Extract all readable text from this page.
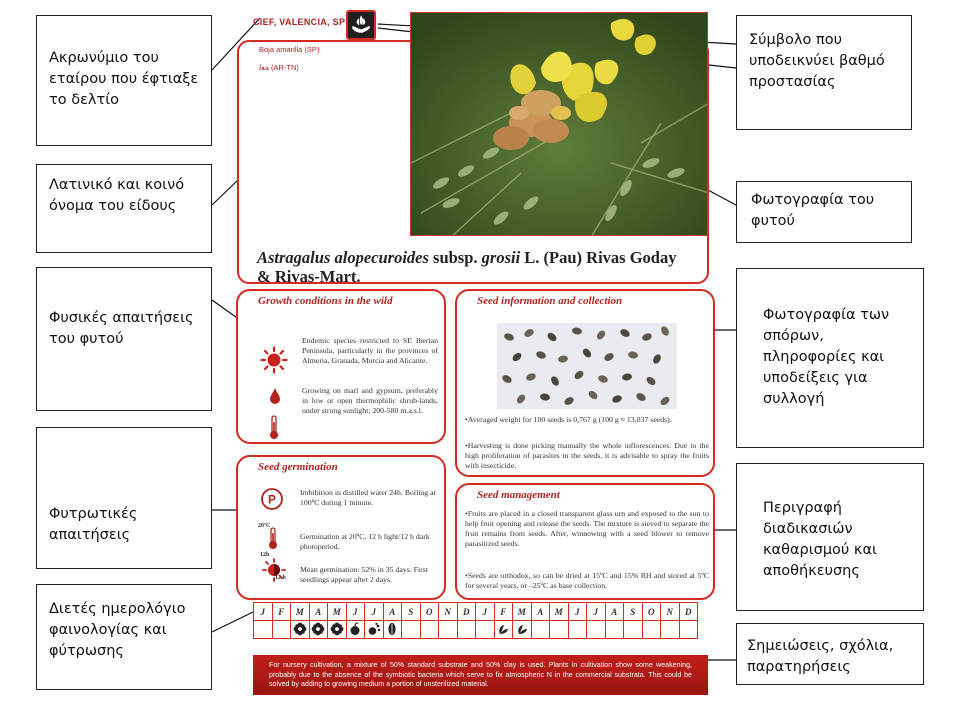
Ακρωνύμιο του εταίρου που έφτιαξε το δελτίο
Λατινικό και κοινό όνομα του είδους
Φυσικές απαιτήσεις του φυτού
Φυτρωτικές απαιτήσεις
Διετές ημερολόγιο φαινολογίας και φύτρωσης
Σύμβολο που υποδεικνύει βαθμό προστασίας
Φωτογραφία του φυτού
Φωτογραφία των σπόρων, πληροφορίες και υποδείξεις για συλλογή
Περιγραφή διαδικασιών καθαρισμού και αποθήκευσης
Σημειώσεις, σχόλια, παρατηρήσεις
CIEF, VALENCIA, SP
Boja amarilla (SP)
ﺔﻐﻟ (AR-TN)
Astragalus alopecuroides subsp. grosii L. (Pau) Rivas Goday & Rivas-Mart.
Growth conditions in the wild
Endemic species restricted to SE Iberian Peninsula, particularly in the provinces of Almeria, Granada, Murcia and Alicante.
Growing on marl and gypsum, preferably in low or open thermophilic shrub-lands, under strong sunlight; 200-580 m.a.s.l.
Seed information and collection
•Averaged weight for 100 seeds is 0,767 g (100 g ≈ 13,037 seeds).
•Harvesting is done picking manually the whole inflorescences. Due to the high proliferation of parasites in the seeds, it is advisable to spray the fruits with insecticide.
Seed germination
P
20ºC
12h
12 h
Imbibition in distilled water 24h. Boiling at 100ºC during 1 minute.
Germination at 20ºC, 12 h light/12 h dark photoperiod.
Mean germination: 52% in 35 days. First seedlings appear after 2 days.
Seed management
•Fruits are placed in a closed transparent glass urn and exposed to the sun to help fruit opening and release the seeds. The mixture is sieved to separate the fruit remains from seeds. After, winnowing with a seed blower to remove parasitized seeds.
•Seeds are orthodox, so can be dried at 15ºC and 15% RH and stored at 5ºC for several years, or –25ºC as base collection.
J	F	M	A	M	J	J	A	S	O	N	D	J	F	M	A	M	J	J	A	S	O	N	D

For nursery cultivation, a mixture of 50% standard substrate and 50% clay is used. Plants in cultivation show some weakening, probably due to the absence of the symbiotic bacteria which serve to fix atmospheric N in the commercial substrata. This could be solved by adding to growing medium a portion of unsterilized material.
